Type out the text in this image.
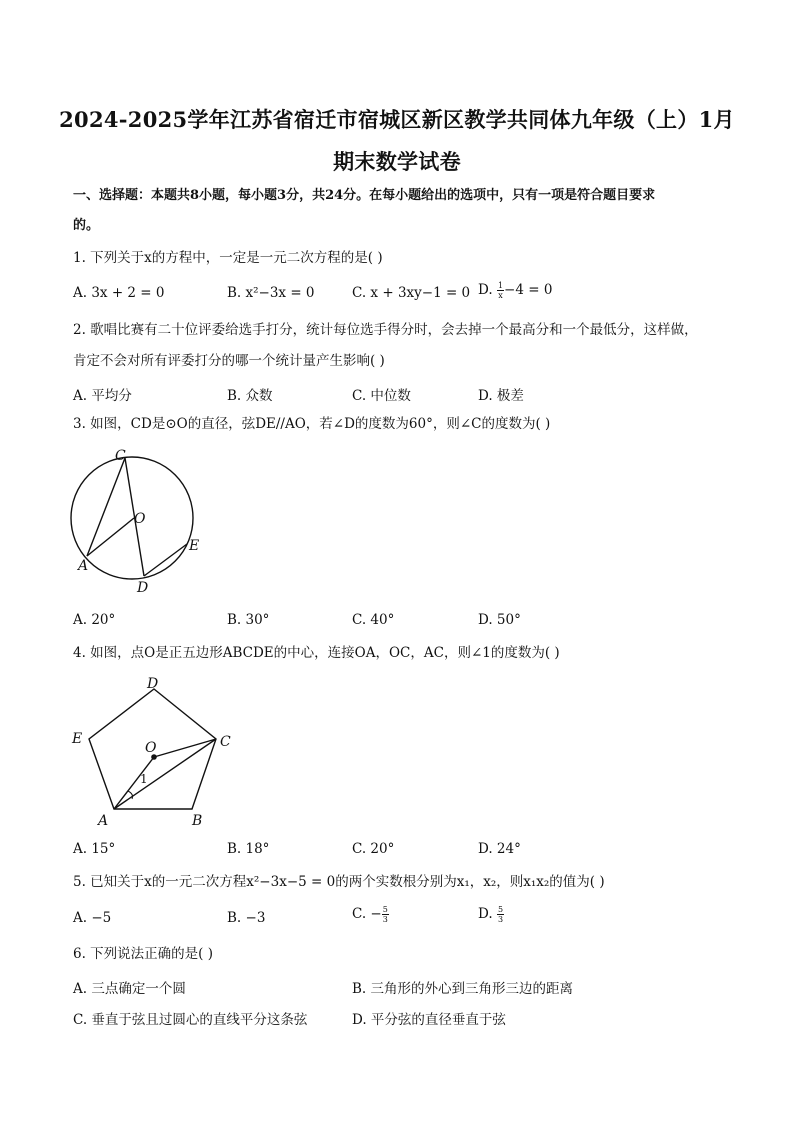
2024-2025学年江苏省宿迁市宿城区新区教学共同体九年级（上）1月
期末数学试卷
一、选择题：本题共8小题，每小题3分，共24分。在每小题给出的选项中，只有一项是符合题目要求
的。
1. 下列关于x的方程中，一定是一元二次方程的是( )
A. 3x + 2 = 0	B. x²−3x = 0	C. x + 3xy−1 = 0 D. $\frac{1}{x} -4 = 0$
2. 歌唱比赛有二十位评委给选手打分，统计每位选手得分时，会去掉一个最高分和一个最低分，这样做，
肯定不会对所有评委打分的哪一个统计量产生影响( )
A. 平均分	B. 众数	C. 中位数	D. 极差
3. 如图，CD是⊙O的直径，弦DE//AO，若∠D的度数为60°，则∠C的度数为( )
C
O
E
A
D
A. 20°	B. 30°	C. 40°	D. 50°
4. 如图，点O是正五边形ABCDE的中心，连接OA，OC，AC，则∠1的度数为( )
D
E
O	C
1
A	B
A. 15°	B. 18°	C. 20°	D. 24°
5. 已知关于x的一元二次方程x²−3x−5 = 0的两个实数根分别为x₁，x₂，则x₁x₂的值为( )
A. −5	B. −3	C. − $\frac{5}{3}$	D. $\frac{5}{3}$
6. 下列说法正确的是( )
A. 三点确定一个圆	B. 三角形的外心到三角形三边的距离
C. 垂直于弦且过圆心的直线平分这条弦	D. 平分弦的直径垂直于弦
